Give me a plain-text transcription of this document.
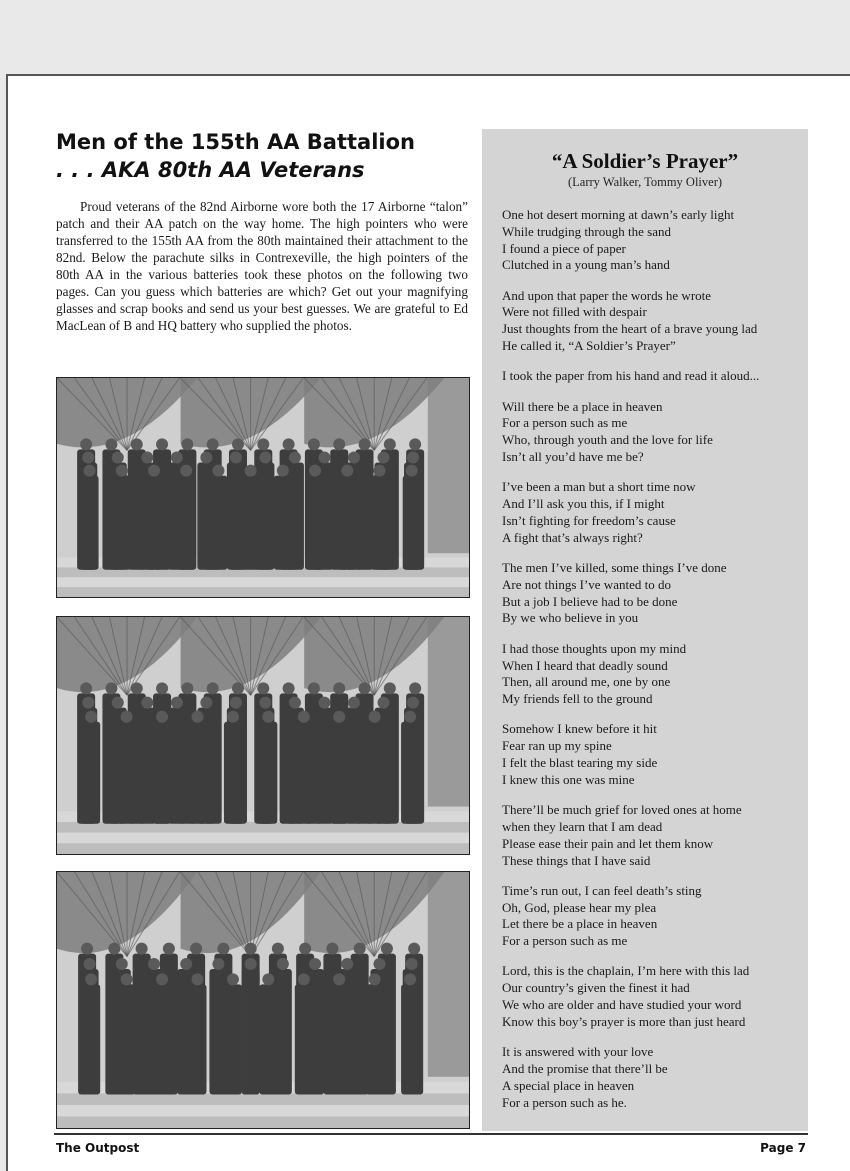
Men of the 155th AA Battalion
. . . AKA 80th AA Veterans

Proud veterans of the 82nd Airborne wore both the 17 Airborne “talon” patch and their AA patch on the way home. The high pointers who were transferred to the 155th AA from the 80th maintained their attachment to the 82nd. Below the parachute silks in Contrexeville, the high pointers of the 80th AA in the various batteries took these photos on the following two pages. Can you guess which batteries are which? Get out your magnifying glasses and scrap books and send us your best guesses. We are grateful to Ed MacLean of B and HQ battery who supplied the photos.

“A Soldier’s Prayer”
(Larry Walker, Tommy Oliver)

One hot desert morning at dawn’s early light
While trudging through the sand
I found a piece of paper
Clutched in a young man’s hand

And upon that paper the words he wrote
Were not filled with despair
Just thoughts from the heart of a brave young lad
He called it, “A Soldier’s Prayer”

I took the paper from his hand and read it aloud...

Will there be a place in heaven
For a person such as me
Who, through youth and the love for life
Isn’t all you’d have me be?

I’ve been a man but a short time now
And I’ll ask you this, if I might
Isn’t fighting for freedom’s cause
A fight that’s always right?

The men I’ve killed, some things I’ve done
Are not things I’ve wanted to do
But a job I believe had to be done
By we who believe in you

I had those thoughts upon my mind
When I heard that deadly sound
Then, all around me, one by one
My friends fell to the ground

Somehow I knew before it hit
Fear ran up my spine
I felt the blast tearing my side
I knew this one was mine

There’ll be much grief for loved ones at home
when they learn that I am dead
Please ease their pain and let them know
These things that I have said

Time’s run out, I can feel death’s sting
Oh, God, please hear my plea
Let there be a place in heaven
For a person such as me

Lord, this is the chaplain, I’m here with this lad
Our country’s given the finest it had
We who are older and have studied your word
Know this boy’s prayer is more than just heard

It is answered with your love
And the promise that there’ll be
A special place in heaven
For a person such as he.

The Outpost	Page 7
